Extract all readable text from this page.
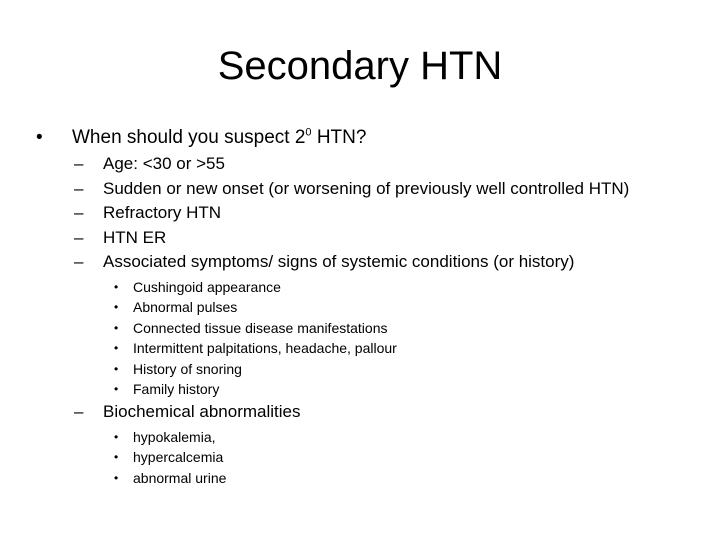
Secondary HTN
• When should you suspect $2^0$ HTN?
– Age: <30 or >55
– Sudden or new onset (or worsening of previously well controlled HTN)
– Refractory HTN
– HTN ER
– Associated symptoms/ signs of systemic conditions (or history)
• Cushingoid appearance
• Abnormal pulses
• Connected tissue disease manifestations
• Intermittent palpitations, headache, pallour
• History of snoring
• Family history
– Biochemical abnormalities
• hypokalemia,
• hypercalcemia
• abnormal urine
